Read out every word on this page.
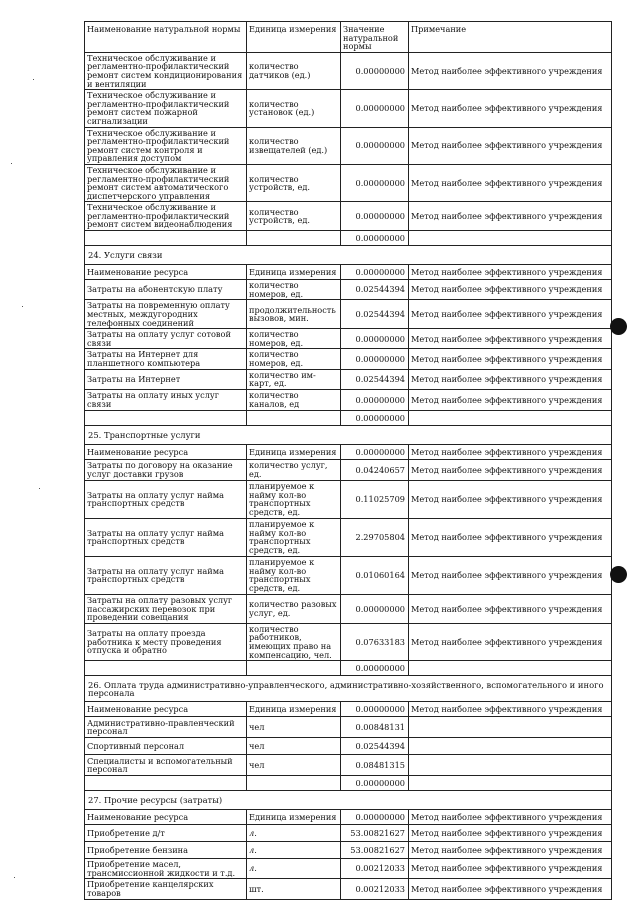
Наименование натуральной нормы	Единица измерения	Значение натуральной нормы	Примечание
Техническое обслуживание и регламентно-профилактический ремонт систем кондиционирования и вентиляции	количество датчиков (ед.)	0.00000000	Метод наиболее эффективного учреждения
Техническое обслуживание и регламентно-профилактический ремонт систем пожарной сигнализации	количество установок (ед.)	0.00000000	Метод наиболее эффективного учреждения
Техническое обслуживание и регламентно-профилактический ремонт систем контроля и управления доступом	количество извещателей (ед.)	0.00000000	Метод наиболее эффективного учреждения
Техническое обслуживание и регламентно-профилактический ремонт систем автоматического диспетчерского управления	количество устройств, ед.	0.00000000	Метод наиболее эффективного учреждения
Техническое обслуживание и регламентно-профилактический ремонт систем видеонаблюдения	количество устройств, ед.	0.00000000	Метод наиболее эффективного учреждения
		0.00000000	
24. Услуги связи			
Наименование ресурса	Единица измерения	0.00000000	Метод наиболее эффективного учреждения
Затраты на абонентскую плату	количество номеров, ед.	0.02544394	Метод наиболее эффективного учреждения
Затраты на повременную оплату местных, междугородних телефонных соединений	продолжительность вызовов, мин.	0.02544394	Метод наиболее эффективного учреждения
Затраты на оплату услуг сотовой связи	количество номеров, ед.	0.00000000	Метод наиболее эффективного учреждения
Затраты на Интернет для планшетного компьютера	количество номеров, ед.	0.00000000	Метод наиболее эффективного учреждения
Затраты на Интернет	количество им-карт, ед.	0.02544394	Метод наиболее эффективного учреждения
Затраты на оплату иных услуг связи	количество каналов, ед	0.00000000	Метод наиболее эффективного учреждения
		0.00000000	
25. Транспортные услуги			
Наименование ресурса	Единица измерения	0.00000000	Метод наиболее эффективного учреждения
Затраты по договору на оказание услуг доставки грузов	количество услуг, ед.	0.04240657	Метод наиболее эффективного учреждения
Затраты на оплату услуг найма транспортных средств	планируемое к найму кол-во транспортных средств, ед.	0.11025709	Метод наиболее эффективного учреждения
Затраты на оплату услуг найма транспортных средств	планируемое к найму кол-во транспортных средств, ед.	2.29705804	Метод наиболее эффективного учреждения
Затраты на оплату услуг найма транспортных средств	планируемое к найму кол-во транспортных средств, ед.	0.01060164	Метод наиболее эффективного учреждения
Затраты на оплату разовых услуг пассажирских перевозок при проведении совещания	количество разовых услуг, ед.	0.00000000	Метод наиболее эффективного учреждения
Затраты на оплату проезда работника к месту проведения отпуска и обратно	количество работников, имеющих право на компенсацию, чел.	0.07633183	Метод наиболее эффективного учреждения
		0.00000000	
26. Оплата труда административно-управленческого, административно-хозяйственного, вспомогательного и иного персонала			
Наименование ресурса	Единица измерения	0.00000000	Метод наиболее эффективного учреждения
Административно-правленческий персонал	чел	0.00848131	
Спортивный персонал	чел	0.02544394	
Специалисты и вспомогательный персонал	чел	0.08481315	
		0.00000000	
27. Прочие ресурсы (затраты)			
Наименование ресурса	Единица измерения	0.00000000	Метод наиболее эффективного учреждения
Приобретение д/т	л.	53.00821627	Метод наиболее эффективного учреждения
Приобретение бензина	л.	53.00821627	Метод наиболее эффективного учреждения
Приобретение масел, трансмиссионной жидкости и т.д.	л.	0.00212033	Метод наиболее эффективного учреждения
Приобретение канцелярских товаров	шт.	0.00212033	Метод наиболее эффективного учреждения
